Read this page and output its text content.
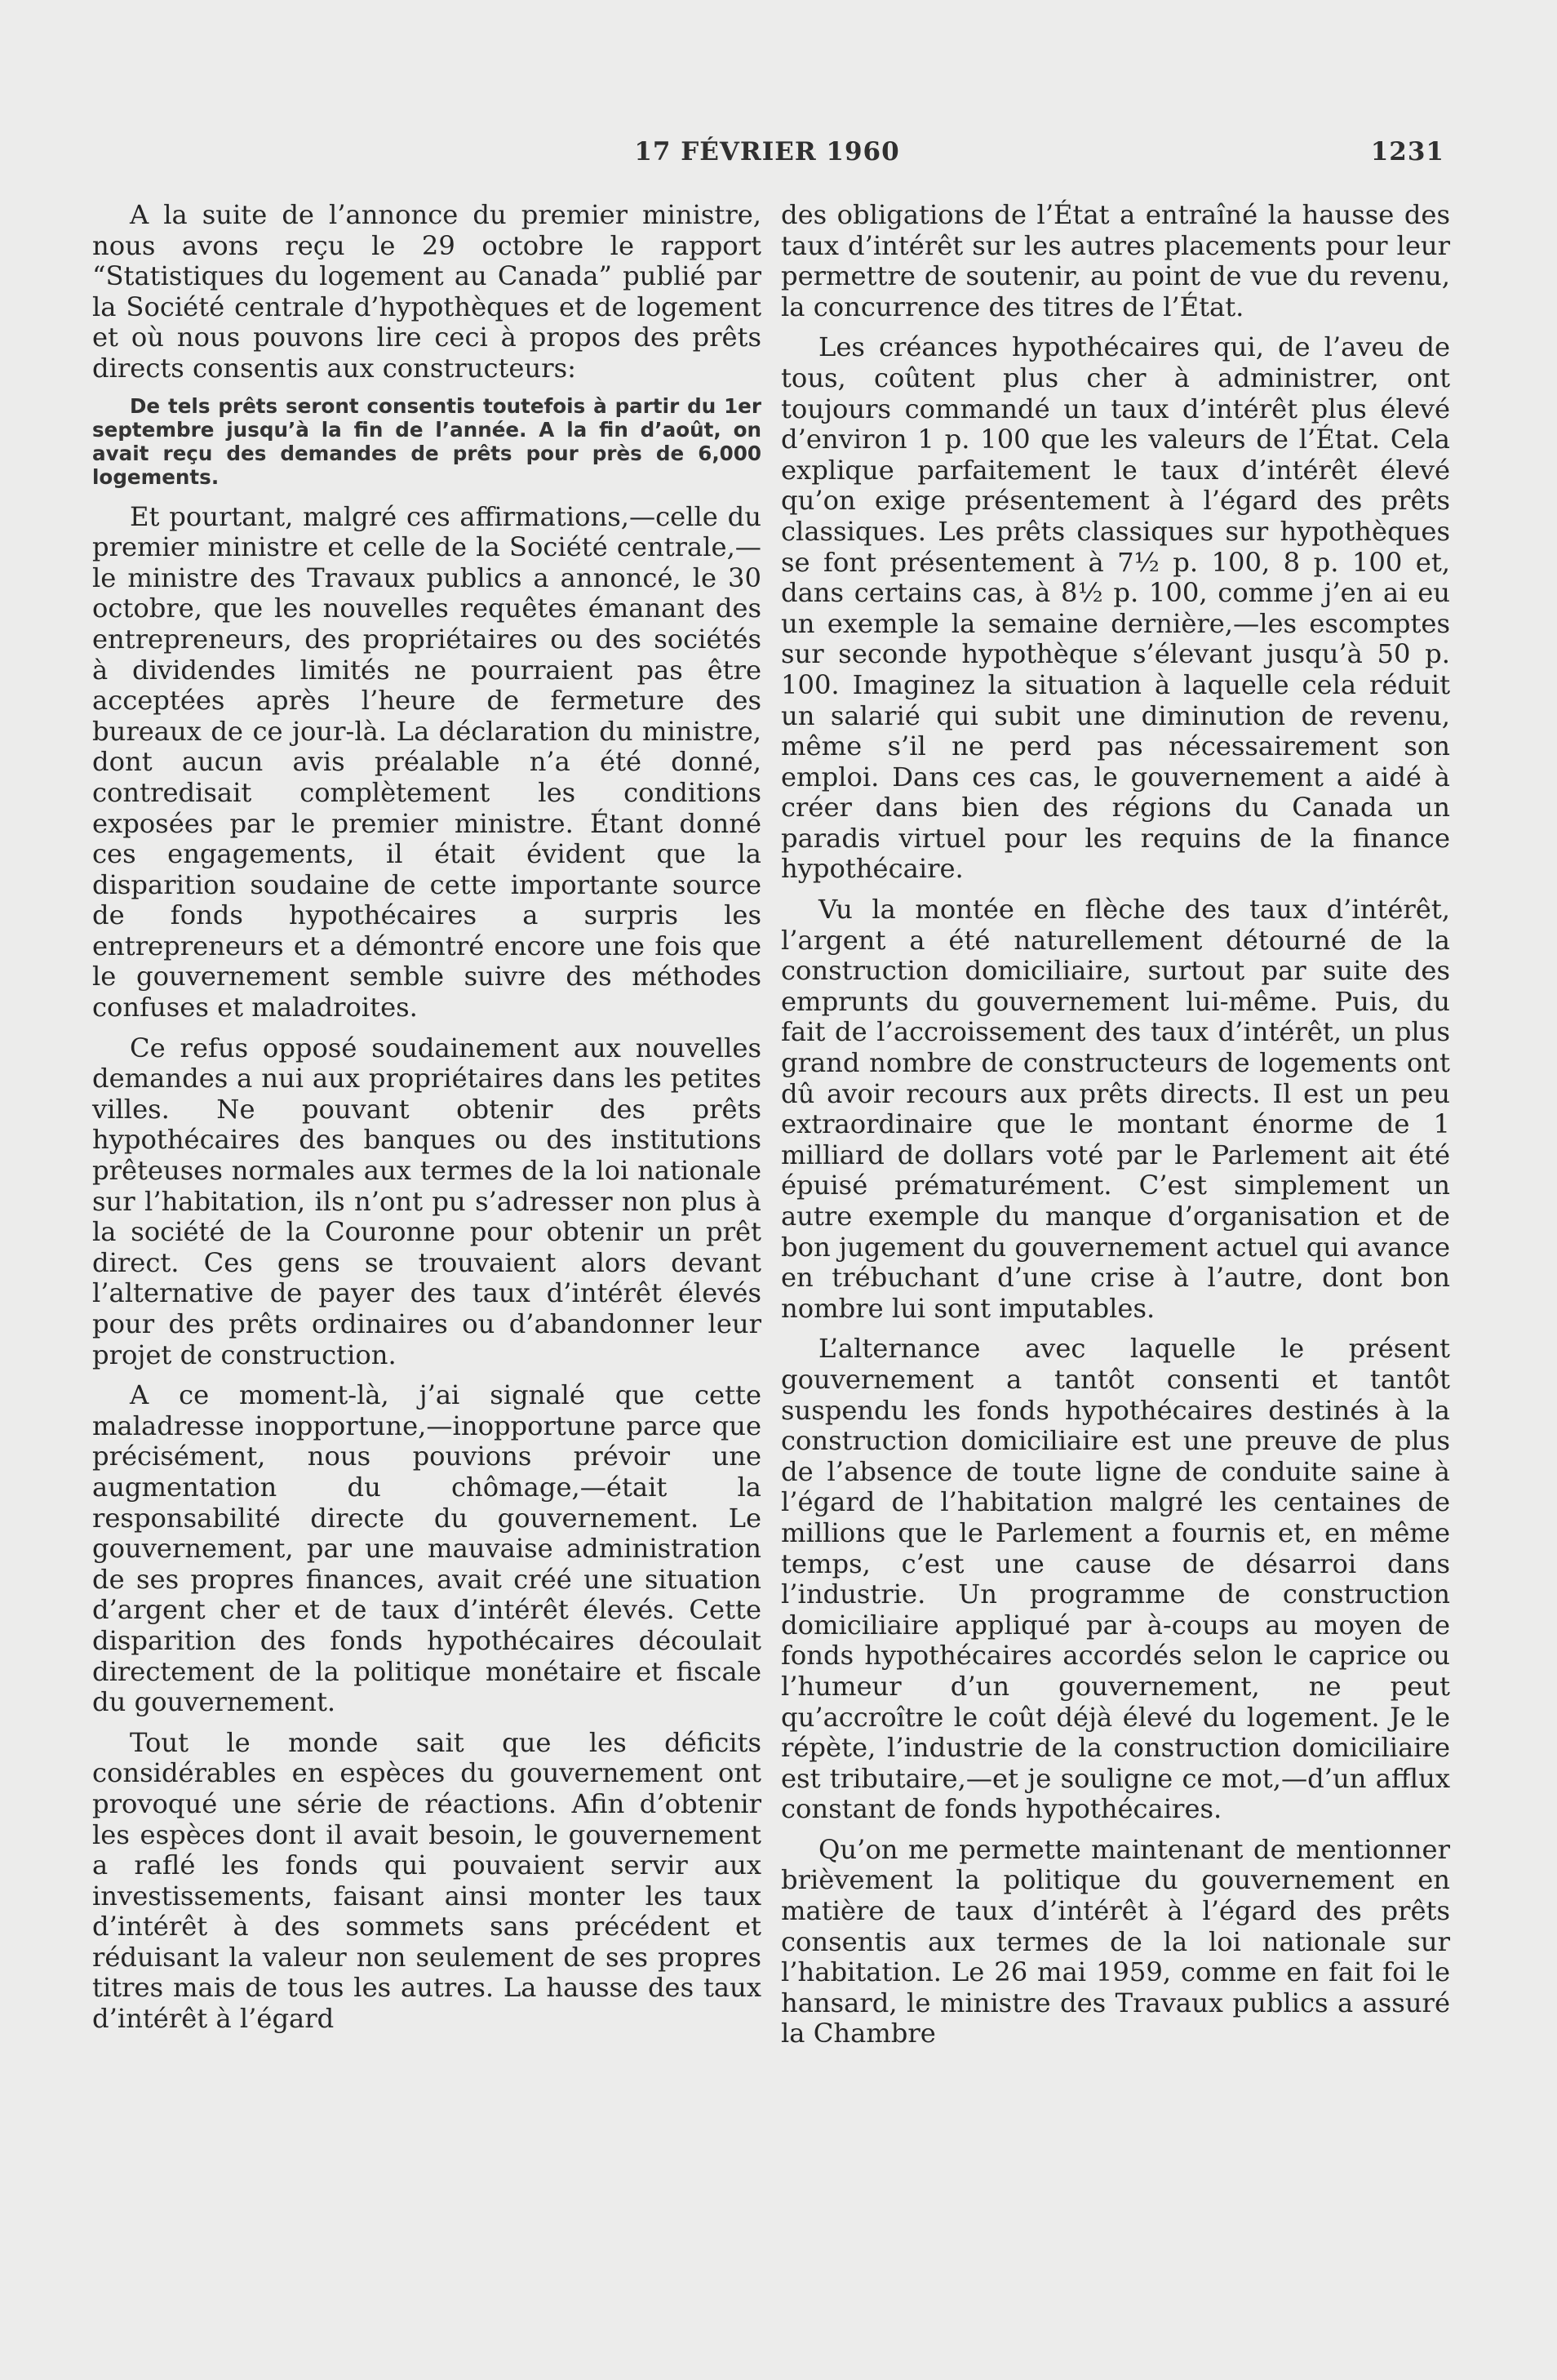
17 FÉVRIER 1960	1231

A la suite de l’annonce du premier ministre, nous avons reçu le 29 octobre le rapport “Statistiques du logement au Canada” publié par la Société centrale d’hypothèques et de logement et où nous pouvons lire ceci à propos des prêts directs consentis aux constructeurs:

De tels prêts seront consentis toutefois à partir du 1er septembre jusqu’à la fin de l’année. A la fin d’août, on avait reçu des demandes de prêts pour près de 6,000 logements.

Et pourtant, malgré ces affirmations,—celle du premier ministre et celle de la Société centrale,—le ministre des Travaux publics a annoncé, le 30 octobre, que les nouvelles requêtes émanant des entrepreneurs, des propriétaires ou des sociétés à dividendes limités ne pourraient pas être acceptées après l’heure de fermeture des bureaux de ce jour-là. La déclaration du ministre, dont aucun avis préalable n’a été donné, contredisait complètement les conditions exposées par le premier ministre. Étant donné ces engagements, il était évident que la disparition soudaine de cette importante source de fonds hypothécaires a surpris les entrepreneurs et a démontré encore une fois que le gouvernement semble suivre des méthodes confuses et maladroites.

Ce refus opposé soudainement aux nouvelles demandes a nui aux propriétaires dans les petites villes. Ne pouvant obtenir des prêts hypothécaires des banques ou des institutions prêteuses normales aux termes de la loi nationale sur l’habitation, ils n’ont pu s’adresser non plus à la société de la Couronne pour obtenir un prêt direct. Ces gens se trouvaient alors devant l’alternative de payer des taux d’intérêt élevés pour des prêts ordinaires ou d’abandonner leur projet de construction.

A ce moment-là, j’ai signalé que cette maladresse inopportune,—inopportune parce que précisément, nous pouvions prévoir une augmentation du chômage,—était la responsabilité directe du gouvernement. Le gouvernement, par une mauvaise administration de ses propres finances, avait créé une situation d’argent cher et de taux d’intérêt élevés. Cette disparition des fonds hypothécaires découlait directement de la politique monétaire et fiscale du gouvernement.

Tout le monde sait que les déficits considérables en espèces du gouvernement ont provoqué une série de réactions. Afin d’obtenir les espèces dont il avait besoin, le gouvernement a raflé les fonds qui pouvaient servir aux investissements, faisant ainsi monter les taux d’intérêt à des sommets sans précédent et réduisant la valeur non seulement de ses propres titres mais de tous les autres. La hausse des taux d’intérêt à l’égard

des obligations de l’État a entraîné la hausse des taux d’intérêt sur les autres placements pour leur permettre de soutenir, au point de vue du revenu, la concurrence des titres de l’État.

Les créances hypothécaires qui, de l’aveu de tous, coûtent plus cher à administrer, ont toujours commandé un taux d’intérêt plus élevé d’environ 1 p. 100 que les valeurs de l’État. Cela explique parfaitement le taux d’intérêt élevé qu’on exige présentement à l’égard des prêts classiques. Les prêts classiques sur hypothèques se font présentement à 7½ p. 100, 8 p. 100 et, dans certains cas, à 8½ p. 100, comme j’en ai eu un exemple la semaine dernière,—les escomptes sur seconde hypothèque s’élevant jusqu’à 50 p. 100. Imaginez la situation à laquelle cela réduit un salarié qui subit une diminution de revenu, même s’il ne perd pas nécessairement son emploi. Dans ces cas, le gouvernement a aidé à créer dans bien des régions du Canada un paradis virtuel pour les requins de la finance hypothécaire.

Vu la montée en flèche des taux d’intérêt, l’argent a été naturellement détourné de la construction domiciliaire, surtout par suite des emprunts du gouvernement lui-même. Puis, du fait de l’accroissement des taux d’intérêt, un plus grand nombre de constructeurs de logements ont dû avoir recours aux prêts directs. Il est un peu extraordinaire que le montant énorme de 1 milliard de dollars voté par le Parlement ait été épuisé prématurément. C’est simplement un autre exemple du manque d’organisation et de bon jugement du gouvernement actuel qui avance en trébuchant d’une crise à l’autre, dont bon nombre lui sont imputables.

L’alternance avec laquelle le présent gouvernement a tantôt consenti et tantôt suspendu les fonds hypothécaires destinés à la construction domiciliaire est une preuve de plus de l’absence de toute ligne de conduite saine à l’égard de l’habitation malgré les centaines de millions que le Parlement a fournis et, en même temps, c’est une cause de désarroi dans l’industrie. Un programme de construction domiciliaire appliqué par à-coups au moyen de fonds hypothécaires accordés selon le caprice ou l’humeur d’un gouvernement, ne peut qu’accroître le coût déjà élevé du logement. Je le répète, l’industrie de la construction domiciliaire est tributaire,—et je souligne ce mot,—d’un afflux constant de fonds hypothécaires.

Qu’on me permette maintenant de mentionner brièvement la politique du gouvernement en matière de taux d’intérêt à l’égard des prêts consentis aux termes de la loi nationale sur l’habitation. Le 26 mai 1959, comme en fait foi le hansard, le ministre des Travaux publics a assuré la Chambre
